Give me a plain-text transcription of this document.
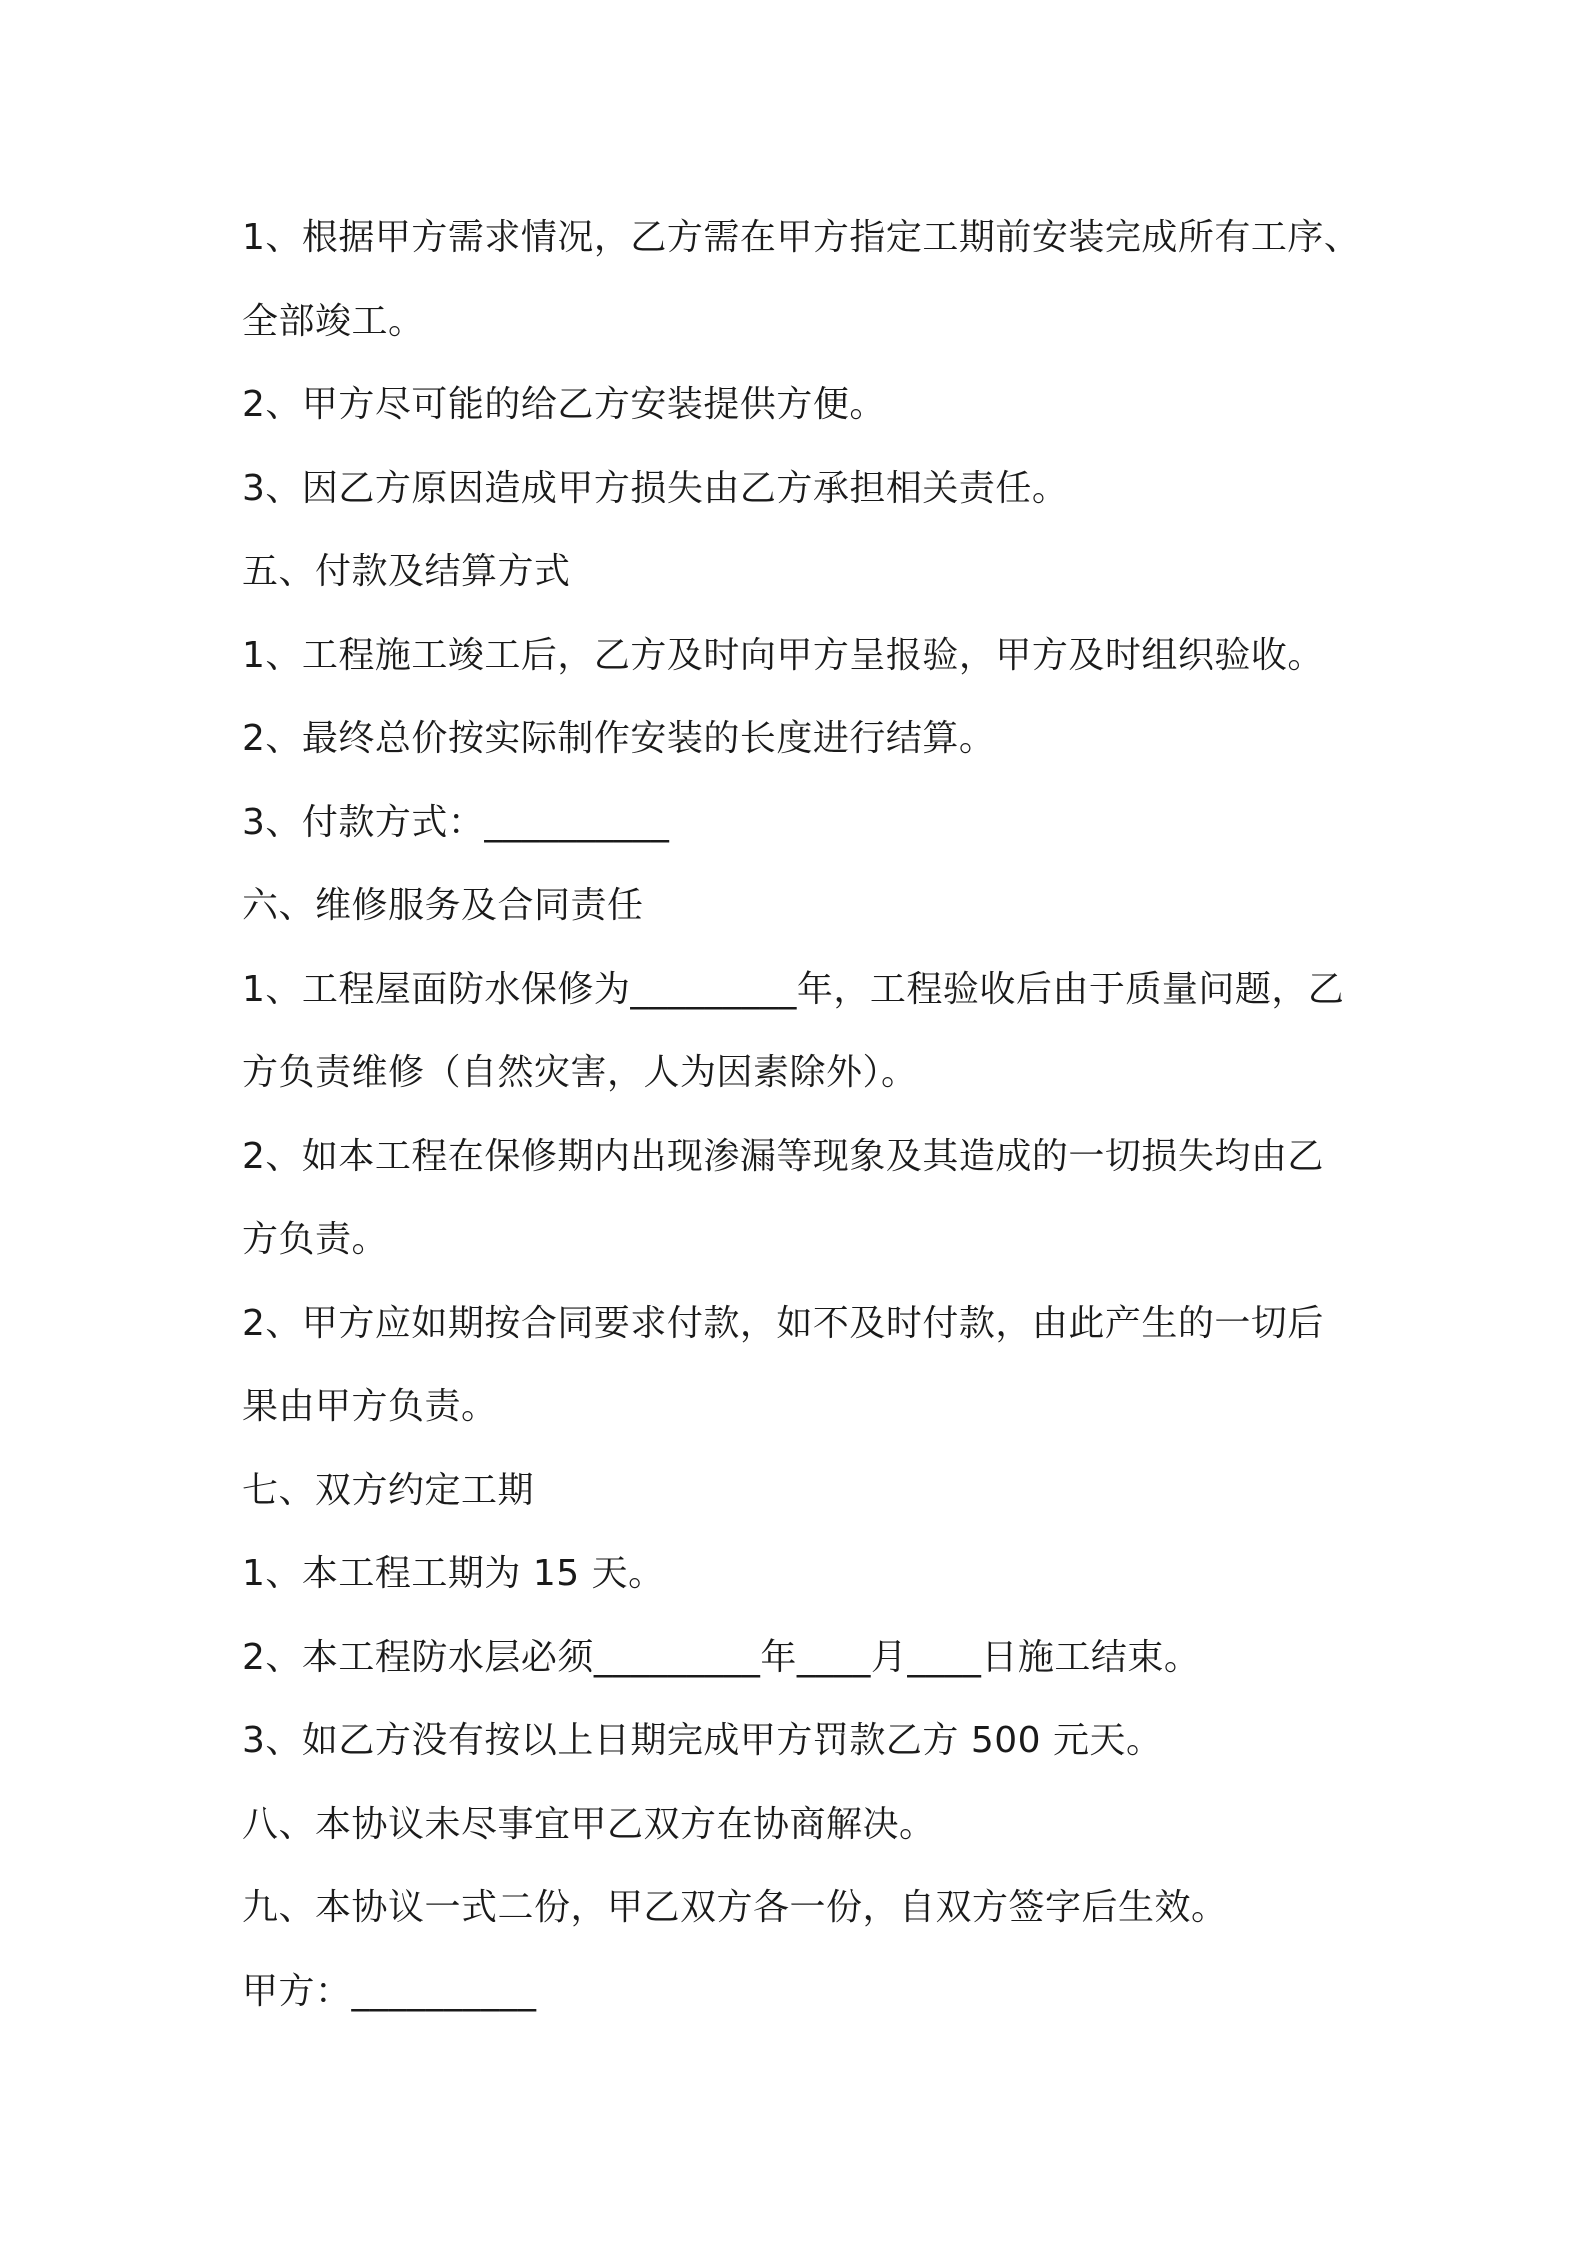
1、根据甲方需求情况，乙方需在甲方指定工期前安装完成所有工序、
全部竣工。
2、甲方尽可能的给乙方安装提供方便。
3、因乙方原因造成甲方损失由乙方承担相关责任。
五、付款及结算方式
1、工程施工竣工后，乙方及时向甲方呈报验，甲方及时组织验收。
2、最终总价按实际制作安装的长度进行结算。
3、付款方式：__________
六、维修服务及合同责任
1、工程屋面防水保修为_________年，工程验收后由于质量问题，乙
方负责维修（自然灾害，人为因素除外）。
2、如本工程在保修期内出现渗漏等现象及其造成的一切损失均由乙
方负责。
2、甲方应如期按合同要求付款，如不及时付款，由此产生的一切后
果由甲方负责。
七、双方约定工期
1、本工程工期为 15 天。
2、本工程防水层必须_________年____月____日施工结束。
3、如乙方没有按以上日期完成甲方罚款乙方 500 元天。
八、本协议未尽事宜甲乙双方在协商解决。
九、本协议一式二份，甲乙双方各一份，自双方签字后生效。
甲方：__________
